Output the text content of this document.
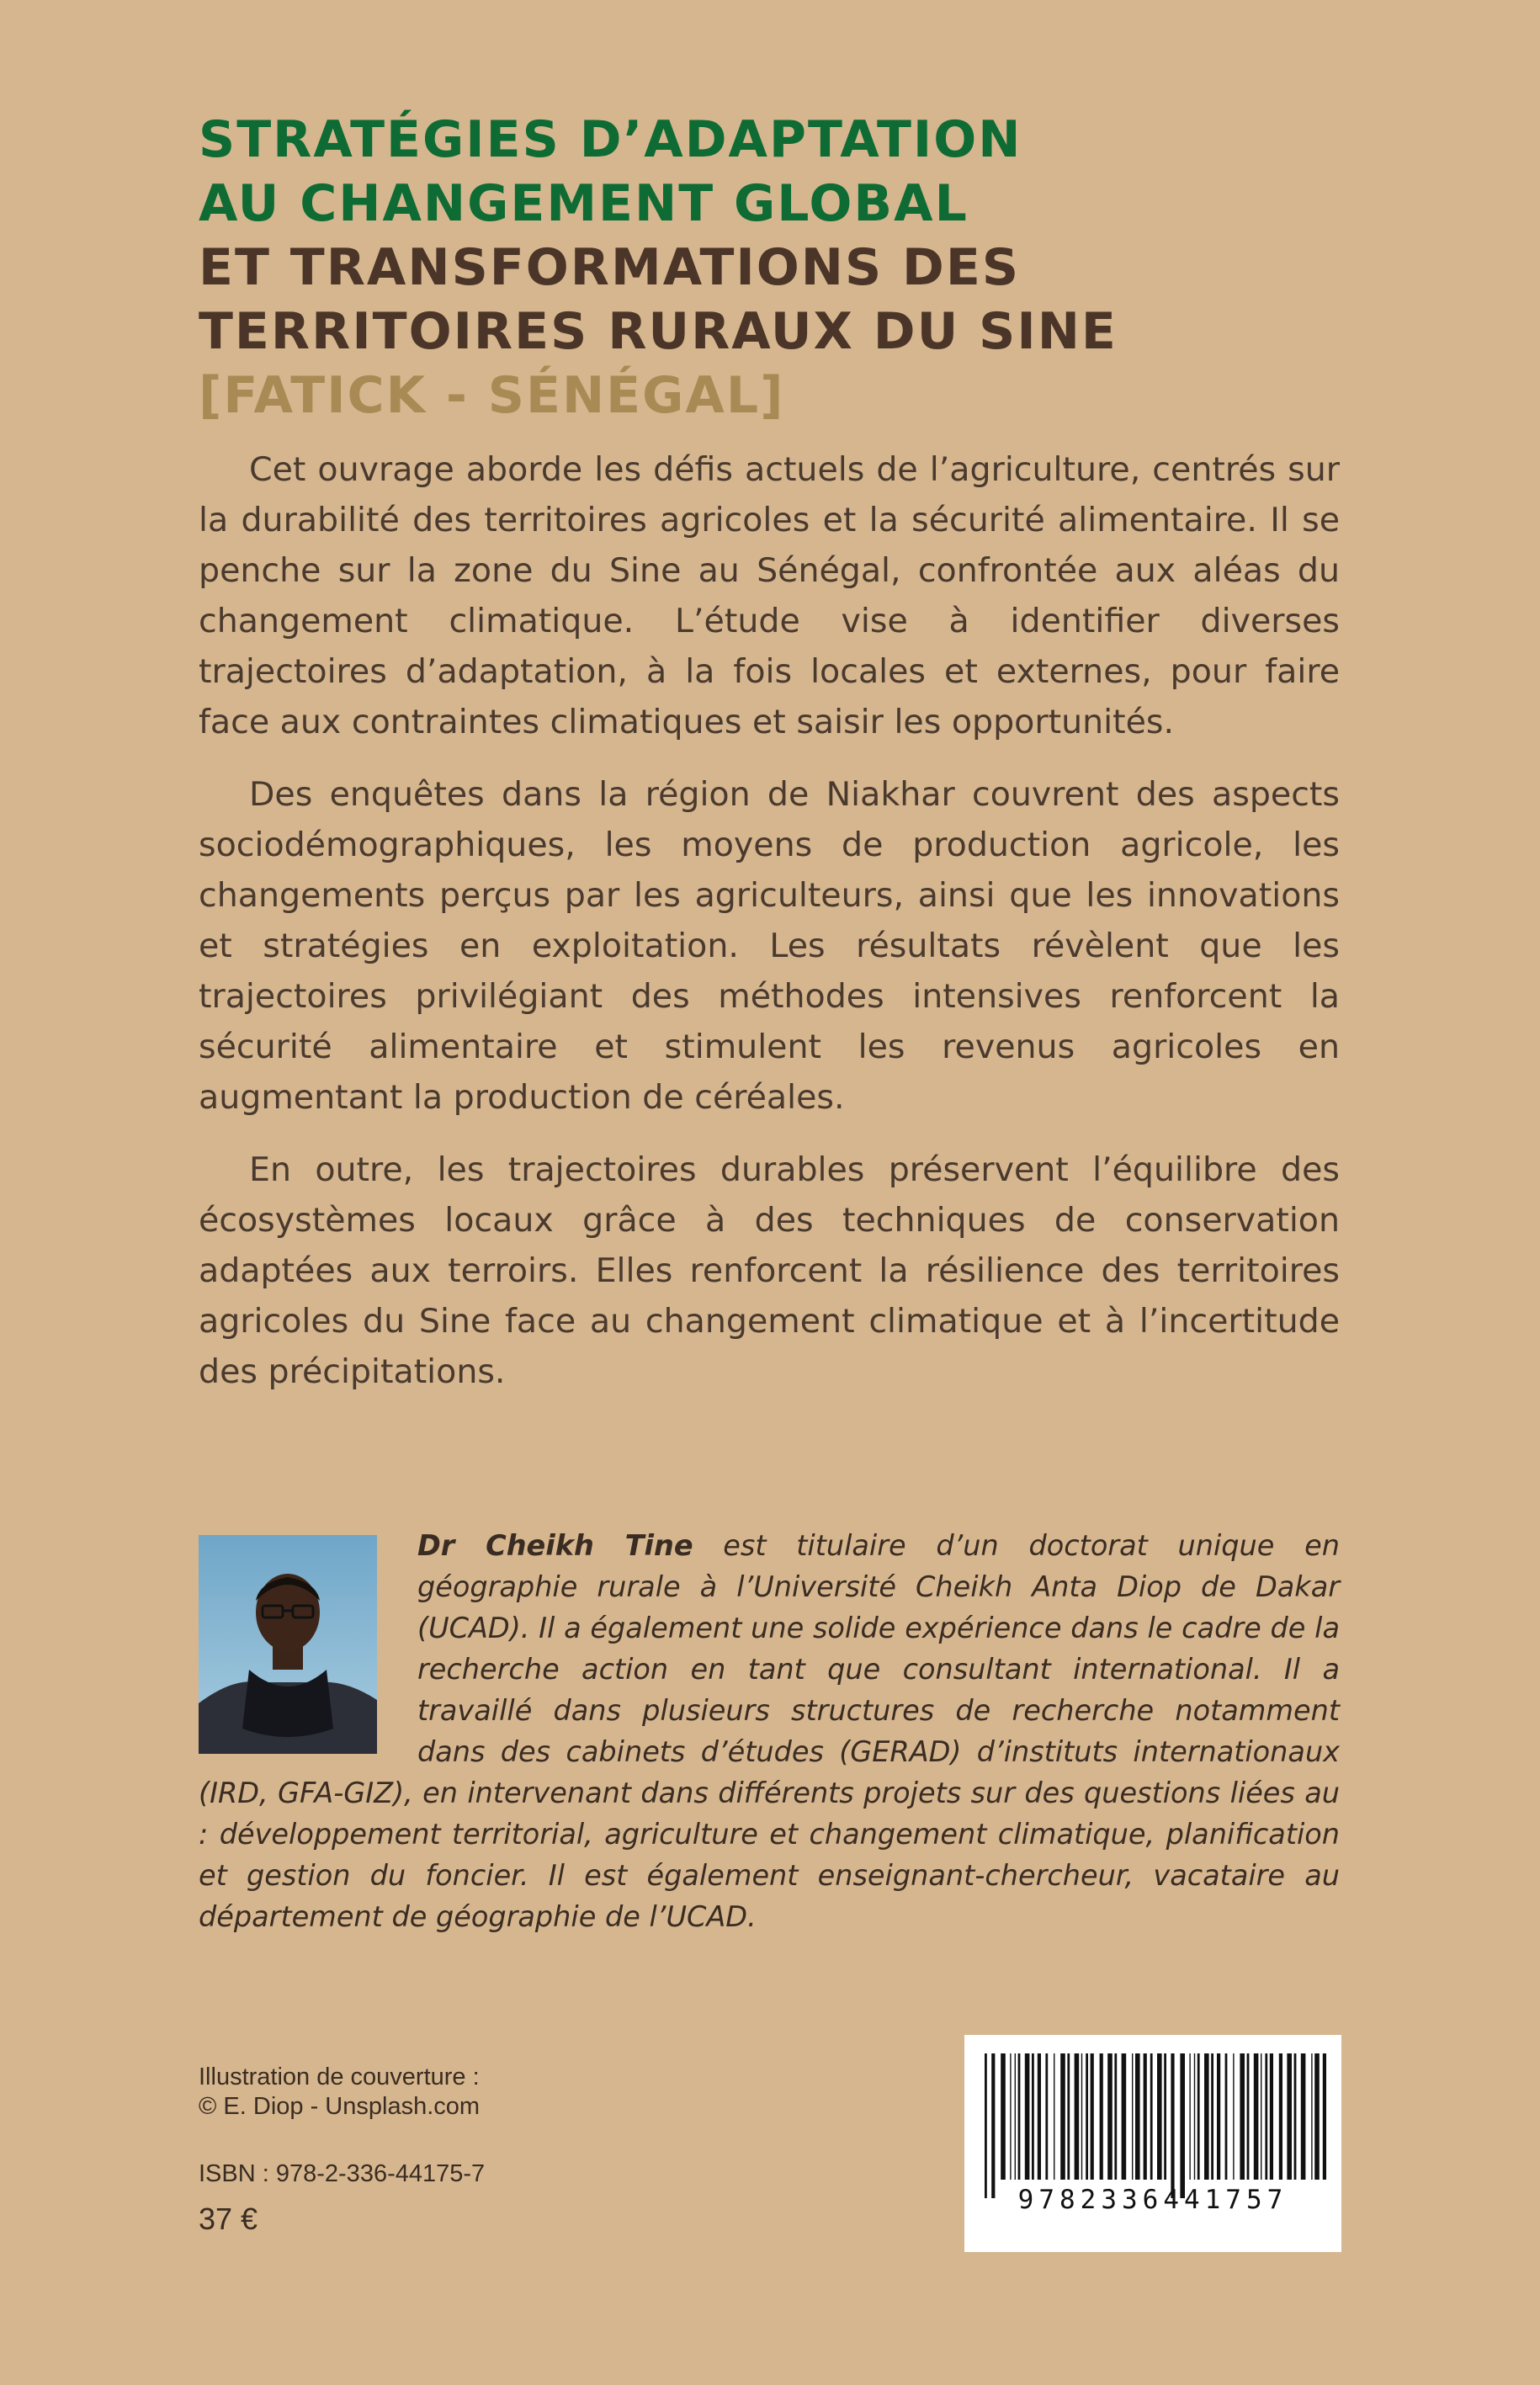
STRATÉGIES D’ADAPTATION
AU CHANGEMENT GLOBAL
ET TRANSFORMATIONS DES
TERRITOIRES RURAUX DU SINE
[FATICK - SÉNÉGAL]

Cet ouvrage aborde les défis actuels de l’agriculture, centrés sur la durabilité des territoires agricoles et la sécurité alimentaire. Il se penche sur la zone du Sine au Sénégal, confrontée aux aléas du changement climatique. L’étude vise à identifier diverses trajectoires d’adaptation, à la fois locales et externes, pour faire face aux contraintes climatiques et saisir les opportunités.

Des enquêtes dans la région de Niakhar couvrent des aspects sociodémographiques, les moyens de production agricole, les changements perçus par les agriculteurs, ainsi que les innovations et stratégies en exploitation. Les résultats révèlent que les trajectoires privilégiant des méthodes intensives renforcent la sécurité alimentaire et stimulent les revenus agricoles en augmentant la production de céréales.

En outre, les trajectoires durables préservent l’équilibre des écosystèmes locaux grâce à des techniques de conservation adaptées aux terroirs. Elles renforcent la résilience des territoires agricoles du Sine face au changement climatique et à l’incertitude des précipitations.

Dr Cheikh Tine est titulaire d’un doctorat unique en géographie rurale à l’Université Cheikh Anta Diop de Dakar (UCAD). Il a également une solide expérience dans le cadre de la recherche action en tant que consultant international. Il a travaillé dans plusieurs structures de recherche notamment dans des cabinets d’études (GERAD) d’instituts internationaux (IRD, GFA-GIZ), en intervenant dans différents projets sur des questions liées au : développement territorial, agriculture et changement climatique, planification et gestion du foncier. Il est également enseignant-chercheur, vacataire au département de géographie de l’UCAD.
Illustration de couverture :
© E. Diop - Unsplash.com
ISBN : 978-2-336-44175-7
37 €
9782336441757
